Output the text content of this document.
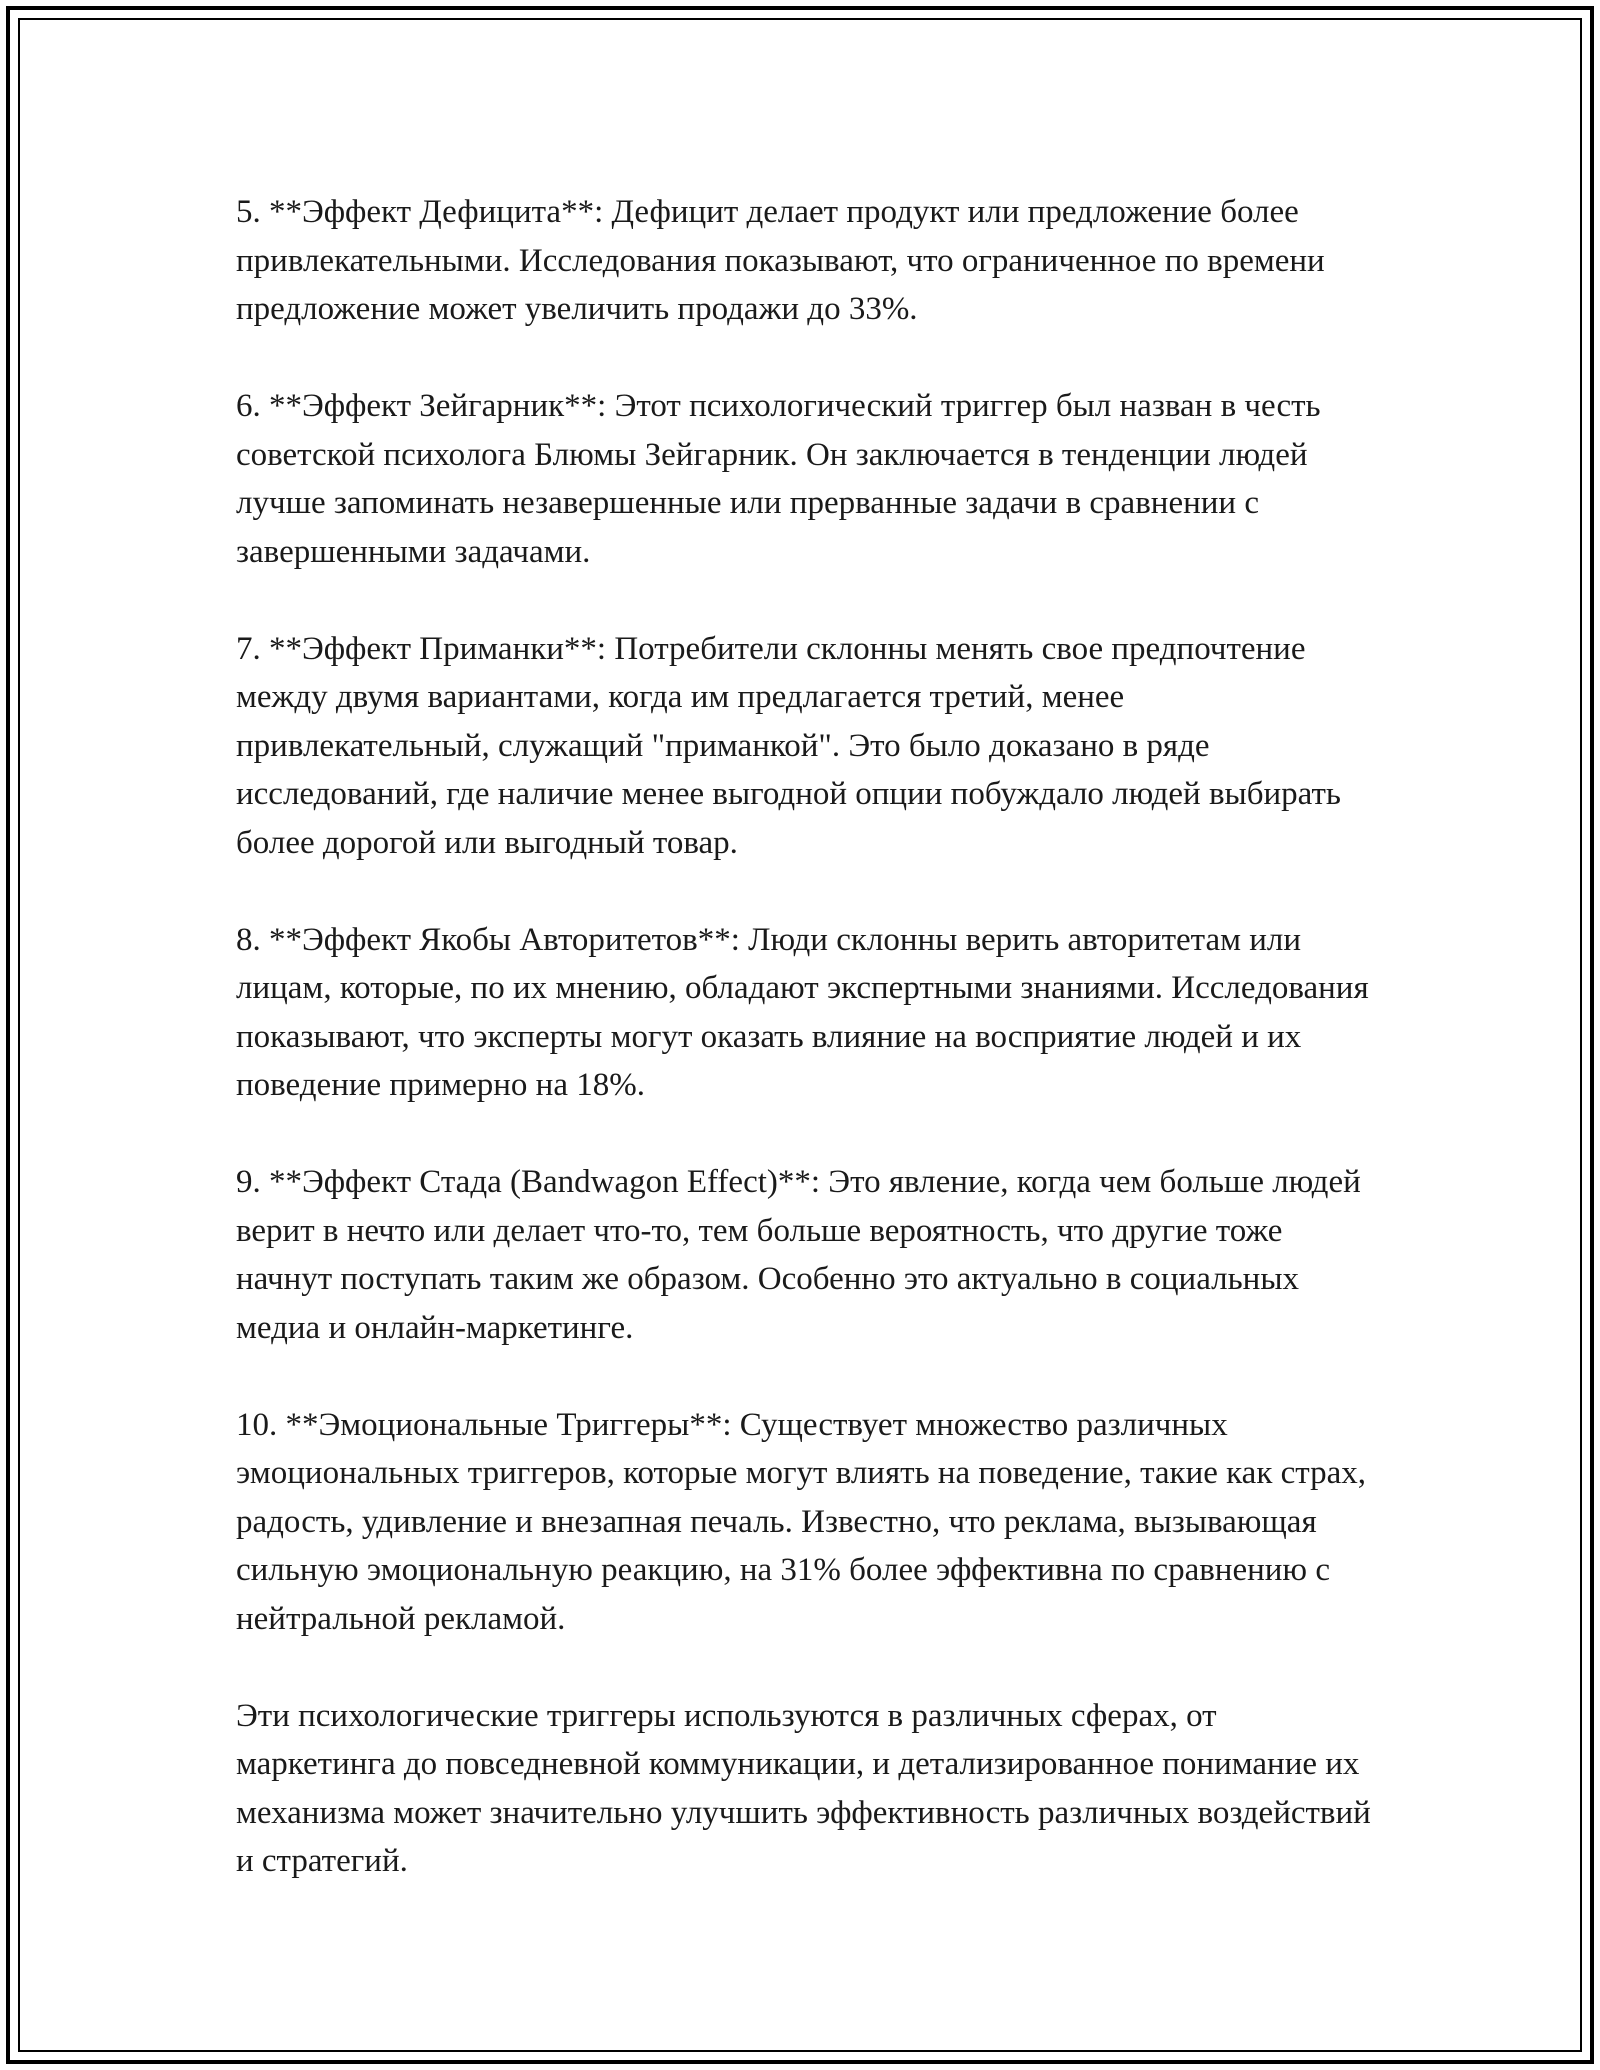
5. **Эффект Дефицита**: Дефицит делает продукт или предложение более привлекательными. Исследования показывают, что ограниченное по времени предложение может увеличить продажи до 33%.

6. **Эффект Зейгарник**: Этот психологический триггер был назван в честь советской психолога Блюмы Зейгарник. Он заключается в тенденции людей лучше запоминать незавершенные или прерванные задачи в сравнении с завершенными задачами.

7. **Эффект Приманки**: Потребители склонны менять свое предпочтение между двумя вариантами, когда им предлагается третий, менее привлекательный, служащий "приманкой". Это было доказано в ряде исследований, где наличие менее выгодной опции побуждало людей выбирать более дорогой или выгодный товар.

8. **Эффект Якобы Авторитетов**: Люди склонны верить авторитетам или лицам, которые, по их мнению, обладают экспертными знаниями. Исследования показывают, что эксперты могут оказать влияние на восприятие людей и их поведение примерно на 18%.

9. **Эффект Стада (Bandwagon Effect)**: Это явление, когда чем больше людей верит в нечто или делает что-то, тем больше вероятность, что другие тоже начнут поступать таким же образом. Особенно это актуально в социальных медиа и онлайн-маркетинге.

10. **Эмоциональные Триггеры**: Существует множество различных эмоциональных триггеров, которые могут влиять на поведение, такие как страх, радость, удивление и внезапная печаль. Известно, что реклама, вызывающая сильную эмоциональную реакцию, на 31% более эффективна по сравнению с нейтральной рекламой.

Эти психологические триггеры используются в различных сферах, от маркетинга до повседневной коммуникации, и детализированное понимание их механизма может значительно улучшить эффективность различных воздействий и стратегий.
